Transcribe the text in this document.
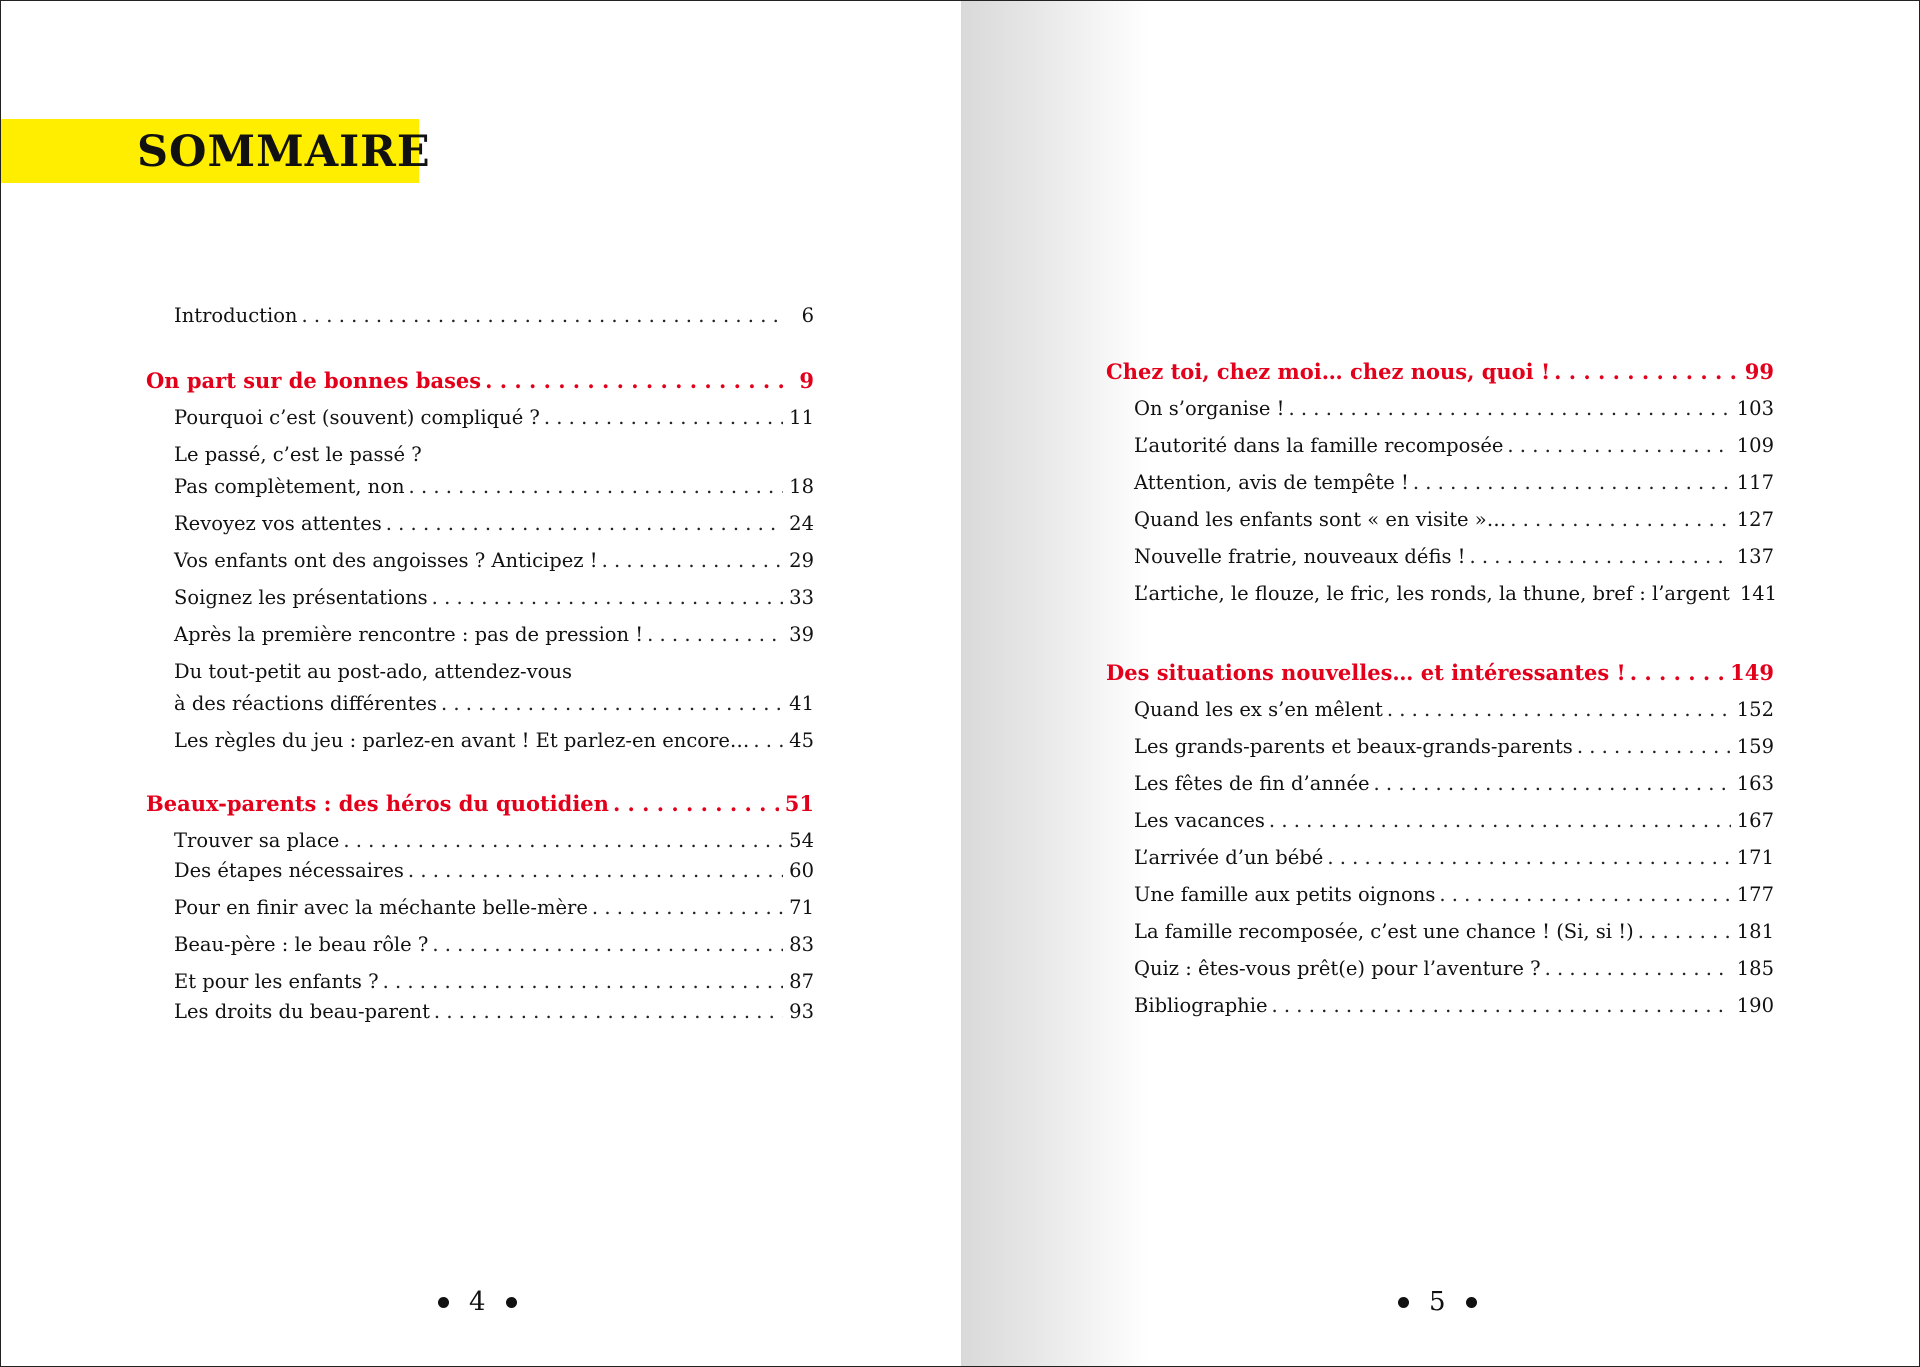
SOMMAIRE
Introduction . . .	6
On part sur de bonnes bases . . .	9
Pourquoi c’est (souvent) compliqué ? . . .	11
Le passé, c’est le passé ?
Pas complètement, non . . .	18
Revoyez vos attentes . . .	24
Vos enfants ont des angoisses ? Anticipez ! . . .	29
Soignez les présentations . . .	33
Après la première rencontre : pas de pression ! . . .	39
Du tout-petit au post-ado, attendez-vous
à des réactions différentes . . .	41
Les règles du jeu : parlez-en avant ! Et parlez-en encore… . . .	45
Beaux-parents : des héros du quotidien . . .	51
Trouver sa place . . .	54
Des étapes nécessaires . . .	60
Pour en finir avec la méchante belle-mère . . .	71
Beau-père : le beau rôle ? . . .	83
Et pour les enfants ? . . .	87
Les droits du beau-parent . . .	93
4
Chez toi, chez moi… chez nous, quoi ! . . .	99
On s’organise ! . . .	103
L’autorité dans la famille recomposée . . .	109
Attention, avis de tempête ! . . .	117
Quand les enfants sont « en visite »… . . .	127
Nouvelle fratrie, nouveaux défis ! . . .	137
L’artiche, le flouze, le fric, les ronds, la thune, bref : l’argent 141
Des situations nouvelles… et intéressantes ! . . .	149
Quand les ex s’en mêlent . . .	152
Les grands-parents et beaux-grands-parents . . .	159
Les fêtes de fin d’année . . .	163
Les vacances . . .	167
L’arrivée d’un bébé . . .	171
Une famille aux petits oignons . . .	177
La famille recomposée, c’est une chance ! (Si, si !) . . .	181
Quiz : êtes-vous prêt(e) pour l’aventure ? . . .	185
Bibliographie . . .	190
5
